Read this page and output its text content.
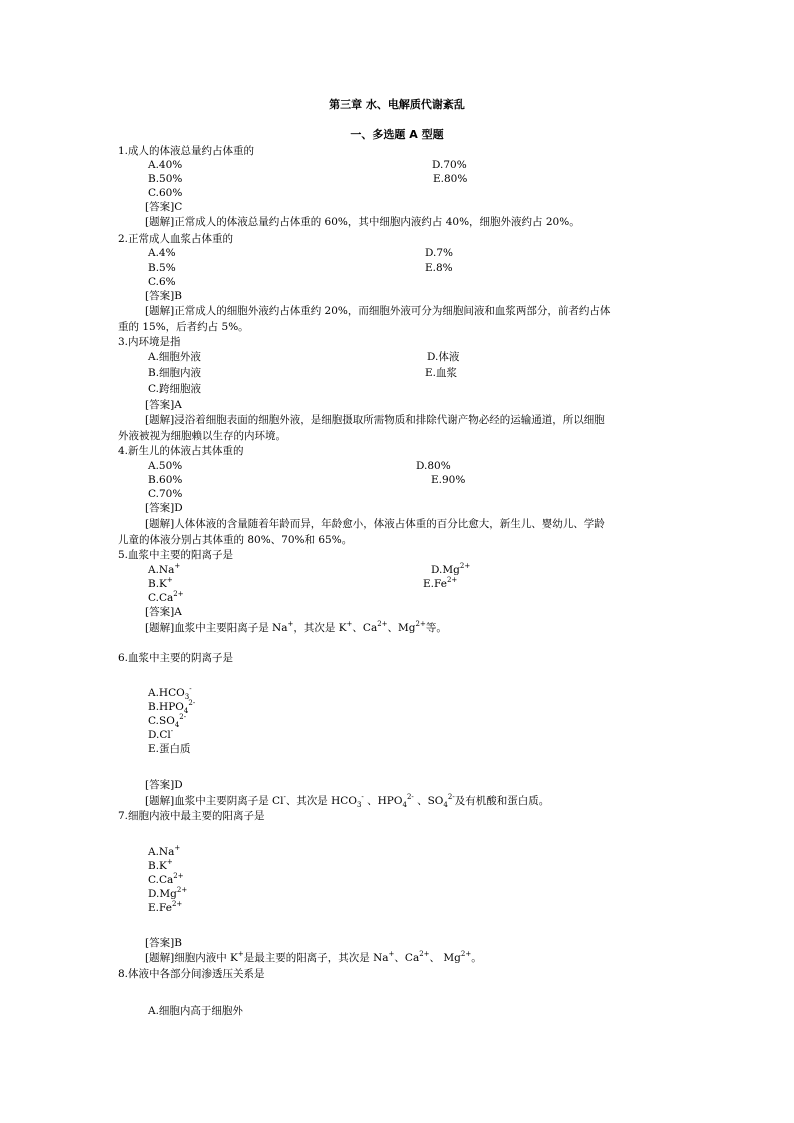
第三章 水、电解质代谢紊乱
一、多选题 A 型题
1.成人的体液总量约占体重的
A.40%	D.70%
B.50%	E.80%
C.60%
[答案]C
[题解]正常成人的体液总量约占体重的 60%，其中细胞内液约占 40%，细胞外液约占 20%。
2.正常成人血浆占体重的
A.4%	D.7%
B.5%	E.8%
C.6%
[答案]B
[题解]正常成人的细胞外液约占体重约 20%，而细胞外液可分为细胞间液和血浆两部分，前者约占体
重的 15%，后者约占 5%。
3.内环境是指
A.细胞外液	D.体液
B.细胞内液	E.血浆
C.跨细胞液
[答案]A
[题解]浸浴着细胞表面的细胞外液，是细胞摄取所需物质和排除代谢产物必经的运输通道，所以细胞
外液被视为细胞赖以生存的内环境。
4.新生儿的体液占其体重的
A.50%	D.80%
B.60%	E.90%
C.70%
[答案]D
[题解]人体体液的含量随着年龄而异，年龄愈小，体液占体重的百分比愈大，新生儿、婴幼儿、学龄
儿童的体液分别占其体重的 80%、70%和 65%。
5.血浆中主要的阳离子是
A.Na+	$D.Mg^{2+}$
B.K+	$E.Fe^{2+}$
$C.Ca^{2+}$
[答案]A
[题解]血浆中主要阳离子是 Na+，其次是 K+、$Ca^{2+}$、$Mg^{2+}$等。
6.血浆中主要的阴离子是
$A.HCO_3^-$
$B.HPO_4^{2-}$
$C.SO_4^{2-}$
D.Cl-
E.蛋白质
[答案]D
[题解]血浆中主要阴离子是 Cl-、其次是 $HCO_3^-$ 、$HPO_4^{2-}$ 、$SO_4^{2-}$及有机酸和蛋白质。
7.细胞内液中最主要的阳离子是
A.Na+
B.K+
$C.Ca^{2+}$
$D.Mg^{2+}$
$E.Fe^{2+}$
[答案]B
[题解]细胞内液中 K+是最主要的阳离子，其次是 Na+、$Ca^{2+}$、 $Mg^{2+}$。
8.体液中各部分间渗透压关系是
A.细胞内高于细胞外
